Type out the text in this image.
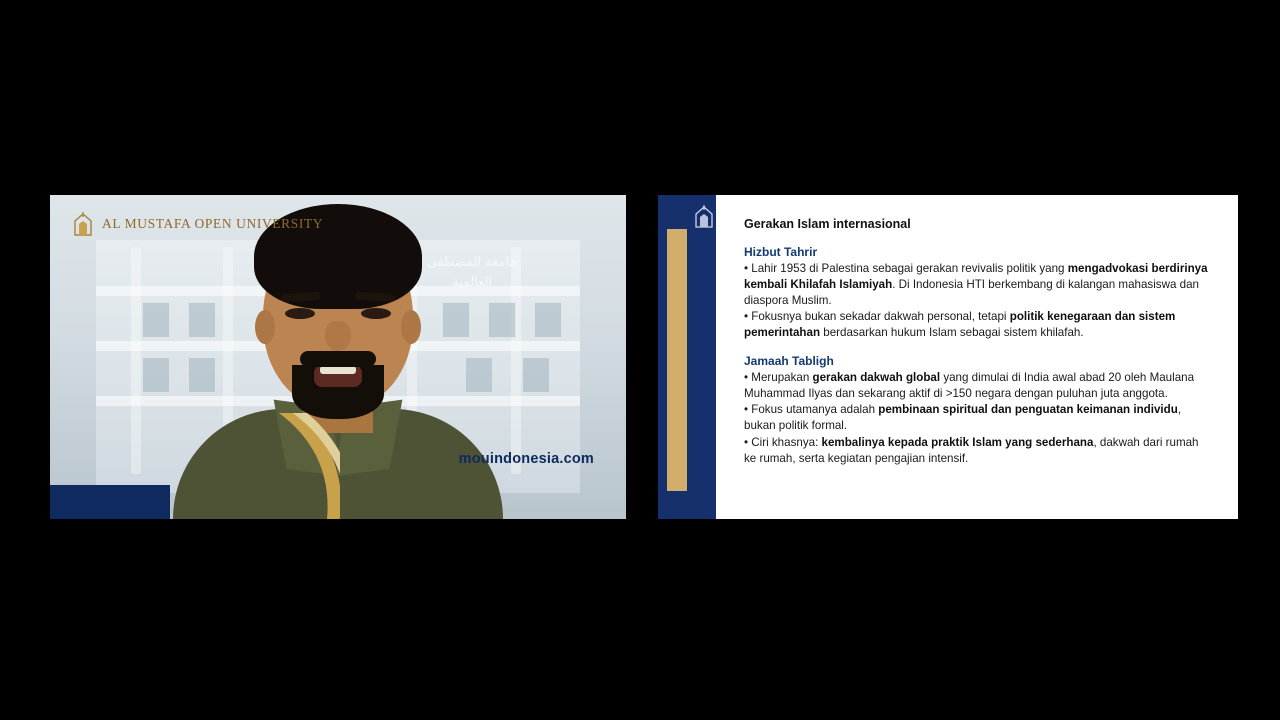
AL MUSTAFA OPEN UNIVERSITY
جامعة المصطفى
العالمية
mouindonesia.com
Gerakan Islam internasional
Hizbut Tahrir
• Lahir 1953 di Palestina sebagai gerakan revivalis politik yang mengadvokasi berdirinya kembali Khilafah Islamiyah. Di Indonesia HTI berkembang di kalangan mahasiswa dan diaspora Muslim.
• Fokusnya bukan sekadar dakwah personal, tetapi politik kenegaraan dan sistem pemerintahan berdasarkan hukum Islam sebagai sistem khilafah.
Jamaah Tabligh
• Merupakan gerakan dakwah global yang dimulai di India awal abad 20 oleh Maulana Muhammad Ilyas dan sekarang aktif di >150 negara dengan puluhan juta anggota.
• Fokus utamanya adalah pembinaan spiritual dan penguatan keimanan individu, bukan politik formal.
• Ciri khasnya: kembalinya kepada praktik Islam yang sederhana, dakwah dari rumah ke rumah, serta kegiatan pengajian intensif.
